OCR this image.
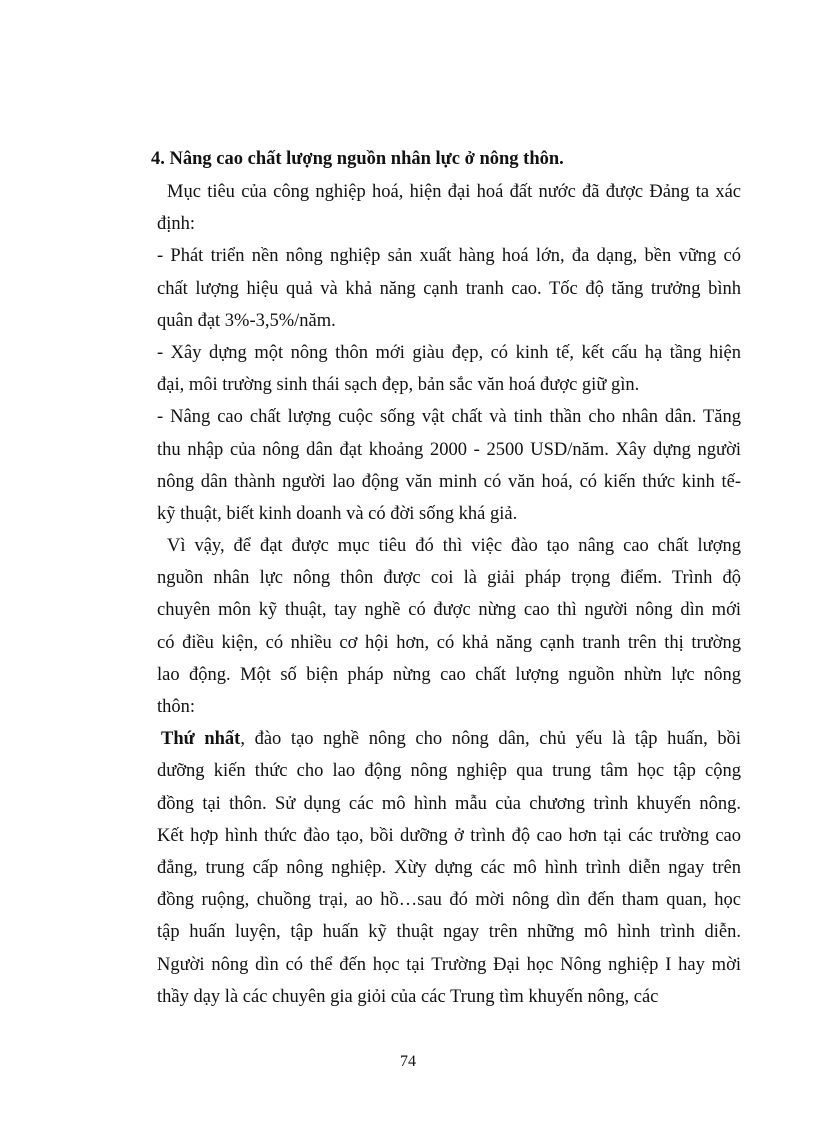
4. Nâng cao chất lượng nguồn nhân lực ở nông thôn.
Mục tiêu của công nghiệp hoá, hiện đại hoá đất nước đã được Đảng ta xác
định:
- Phát triển nền nông nghiệp sản xuất hàng hoá lớn, đa dạng, bền vững có
chất lượng hiệu quả và khả năng cạnh tranh cao. Tốc độ tăng trưởng bình
quân đạt 3%-3,5%/năm.
- Xây dựng một nông thôn mới giàu đẹp, có kinh tế, kết cấu hạ tầng hiện
đại, môi trường sinh thái sạch đẹp, bản sắc văn hoá được giữ gìn.
- Nâng cao chất lượng cuộc sống vật chất và tinh thần cho nhân dân. Tăng
thu nhập của nông dân đạt khoảng 2000 - 2500 USD/năm. Xây dựng người
nông dân thành người lao động văn minh có văn hoá, có kiến thức kinh tế-
kỹ thuật, biết kinh doanh và có đời sống khá giả.
Vì vậy, để đạt được mục tiêu đó thì việc đào tạo nâng cao chất lượng
nguồn nhân lực nông thôn được coi là giải pháp trọng điểm. Trình độ
chuyên môn kỹ thuật, tay nghề có được nừng cao thì người nông dìn mới
có điều kiện, có nhiều cơ hội hơn, có khả năng cạnh tranh trên thị trường
lao động. Một số biện pháp nừng cao chất lượng nguồn nhừn lực nông
thôn:
Thứ nhất, đào tạo nghề nông cho nông dân, chủ yếu là tập huấn, bồi
dưỡng kiến thức cho lao động nông nghiệp qua trung tâm học tập cộng
đồng tại thôn. Sử dụng các mô hình mẫu của chương trình khuyến nông.
Kết hợp hình thức đào tạo, bồi dưỡng ở trình độ cao hơn tại các trường cao
đẳng, trung cấp nông nghiệp. Xừy dựng các mô hình trình diễn ngay trên
đồng ruộng, chuồng trại, ao hồ…sau đó mời nông dìn đến tham quan, học
tập huấn luyện, tập huấn kỹ thuật ngay trên những mô hình trình diễn.
Người nông dìn có thể đến học tại Trường Đại học Nông nghiệp I hay mời
thầy dạy là các chuyên gia giỏi của các Trung tìm khuyến nông, các
74
